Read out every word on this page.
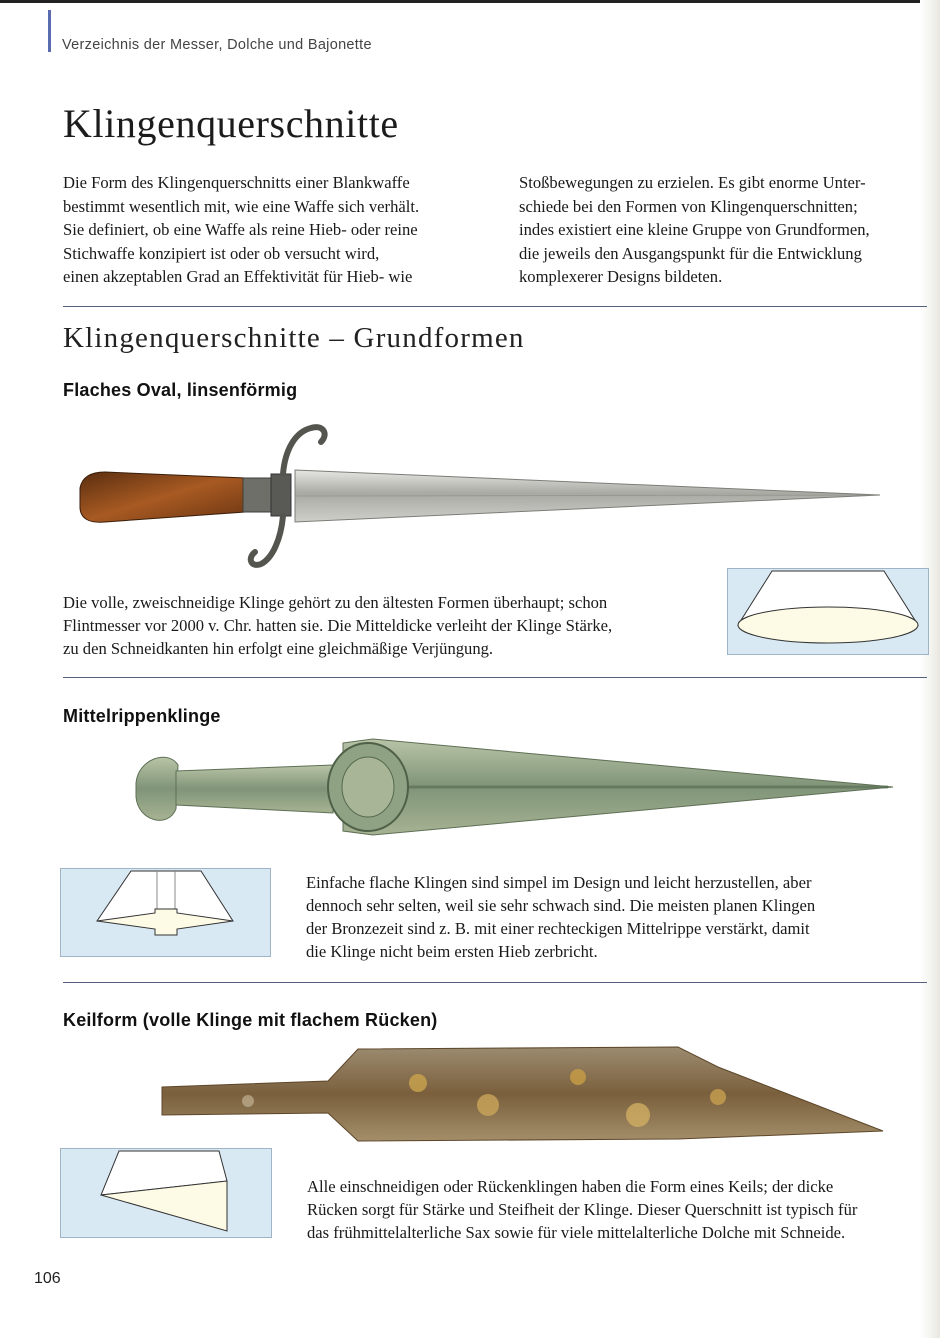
Verzeichnis der Messer, Dolche und Bajonette
Klingenquerschnitte
Die Form des Klingenquerschnitts einer Blankwaffe
bestimmt wesentlich mit, wie eine Waffe sich verhält.
Sie definiert, ob eine Waffe als reine Hieb- oder reine
Stichwaffe konzipiert ist oder ob versucht wird,
einen akzeptablen Grad an Effektivität für Hieb- wie
Stoßbewegungen zu erzielen. Es gibt enorme Unter-
schiede bei den Formen von Klingenquerschnitten;
indes existiert eine kleine Gruppe von Grundformen,
die jeweils den Ausgangspunkt für die Entwicklung
komplexerer Designs bildeten.
Klingenquerschnitte – Grundformen
Flaches Oval, linsenförmig
Die volle, zweischneidige Klinge gehört zu den ältesten Formen überhaupt; schon
Flintmesser vor 2000 v. Chr. hatten sie. Die Mitteldicke verleiht der Klinge Stärke,
zu den Schneidkanten hin erfolgt eine gleichmäßige Verjüngung.
Mittelrippenklinge
Einfache flache Klingen sind simpel im Design und leicht herzustellen, aber
dennoch sehr selten, weil sie sehr schwach sind. Die meisten planen Klingen
der Bronzezeit sind z. B. mit einer rechteckigen Mittelrippe verstärkt, damit
die Klinge nicht beim ersten Hieb zerbricht.
Keilform (volle Klinge mit flachem Rücken)
Alle einschneidigen oder Rückenklingen haben die Form eines Keils; der dicke
Rücken sorgt für Stärke und Steifheit der Klinge. Dieser Querschnitt ist typisch für
das frühmittelalterliche Sax sowie für viele mittelalterliche Dolche mit Schneide.
106
